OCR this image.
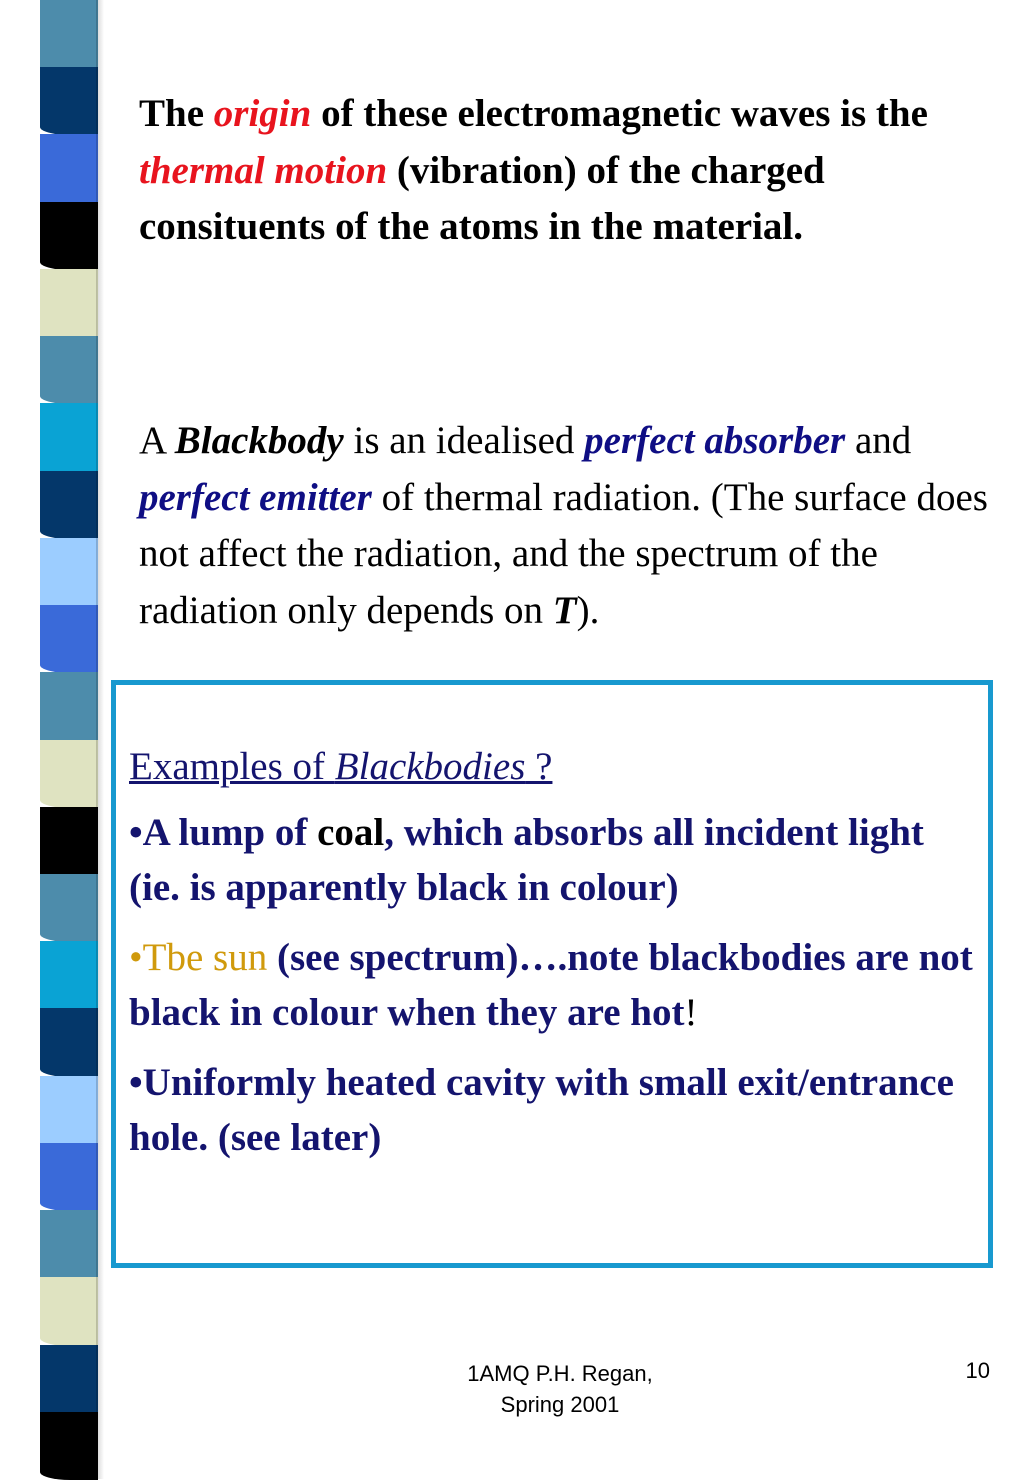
The origin of these electromagnetic waves is the thermal motion (vibration) of the charged consituents of the atoms in the material.
A Blackbody is an idealised perfect absorber and perfect emitter of thermal radiation. (The surface does not affect the radiation, and the spectrum of the radiation only depends on T).
Examples of Blackbodies ?
•A lump of coal, which absorbs all incident light (ie. is apparently black in colour)
•Tbe sun (see spectrum)….note blackbodies are not black in colour when they are hot!
•Uniformly heated cavity with small exit/entrance hole. (see later)
1AMQ P.H. Regan,
Spring 2001
10
